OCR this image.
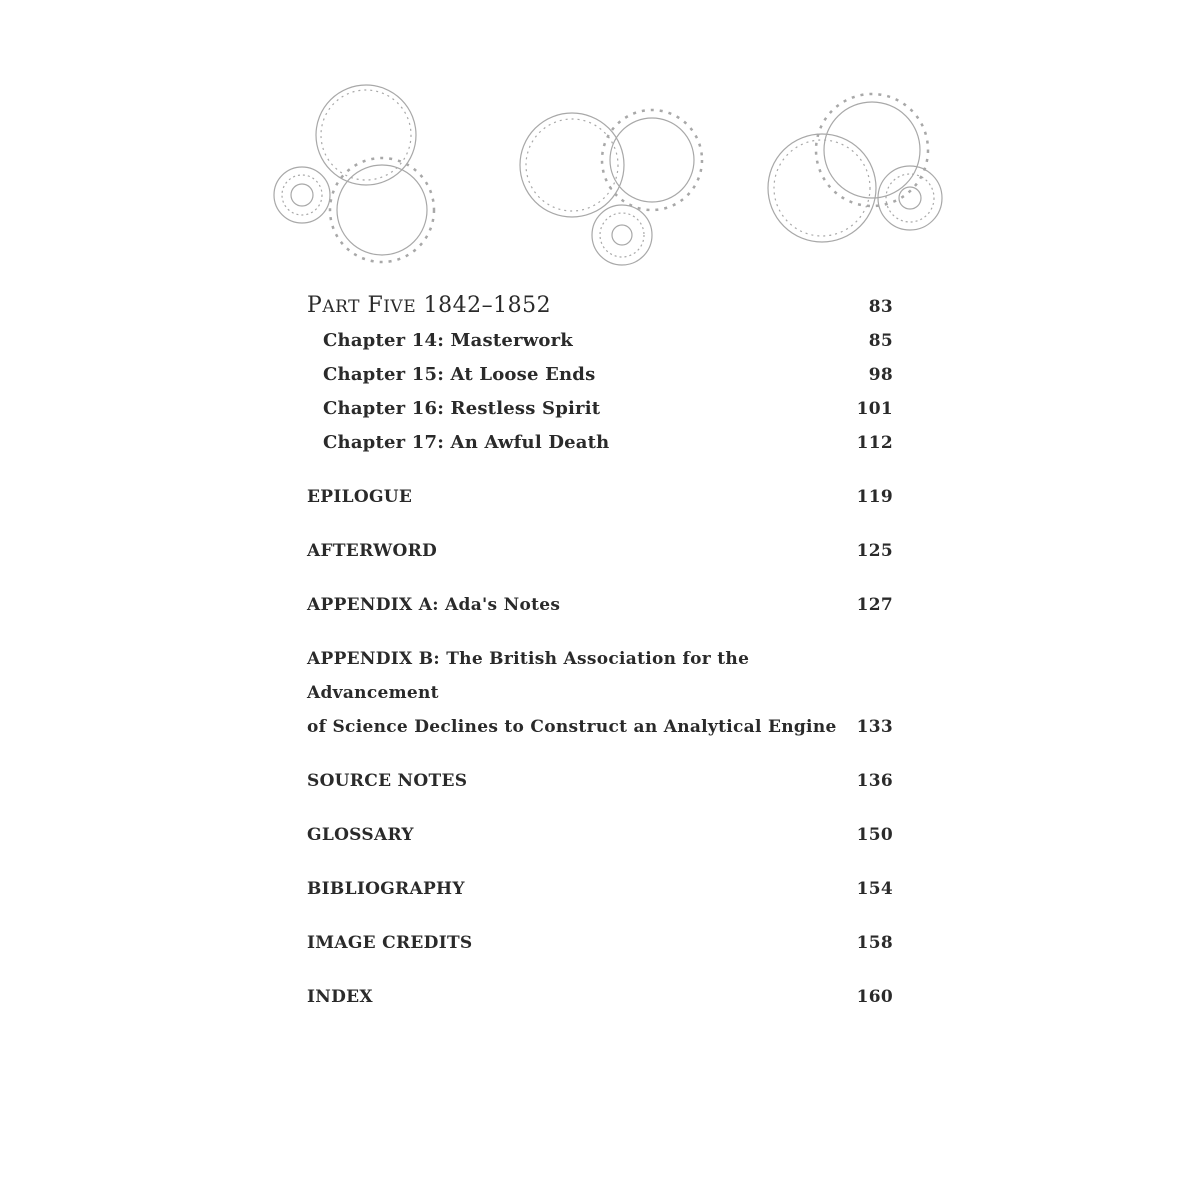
PART FIVE 1842–1852	83
Chapter 14: Masterwork	85
Chapter 15: At Loose Ends	98
Chapter 16: Restless Spirit	101
Chapter 17: An Awful Death	112
EPILOGUE	119
AFTERWORD	125
APPENDIX A: Ada's Notes	127
APPENDIX B: The British Association for the Advancement
of Science Declines to Construct an Analytical Engine	133
SOURCE NOTES	136
GLOSSARY	150
BIBLIOGRAPHY	154
IMAGE CREDITS	158
INDEX	160
